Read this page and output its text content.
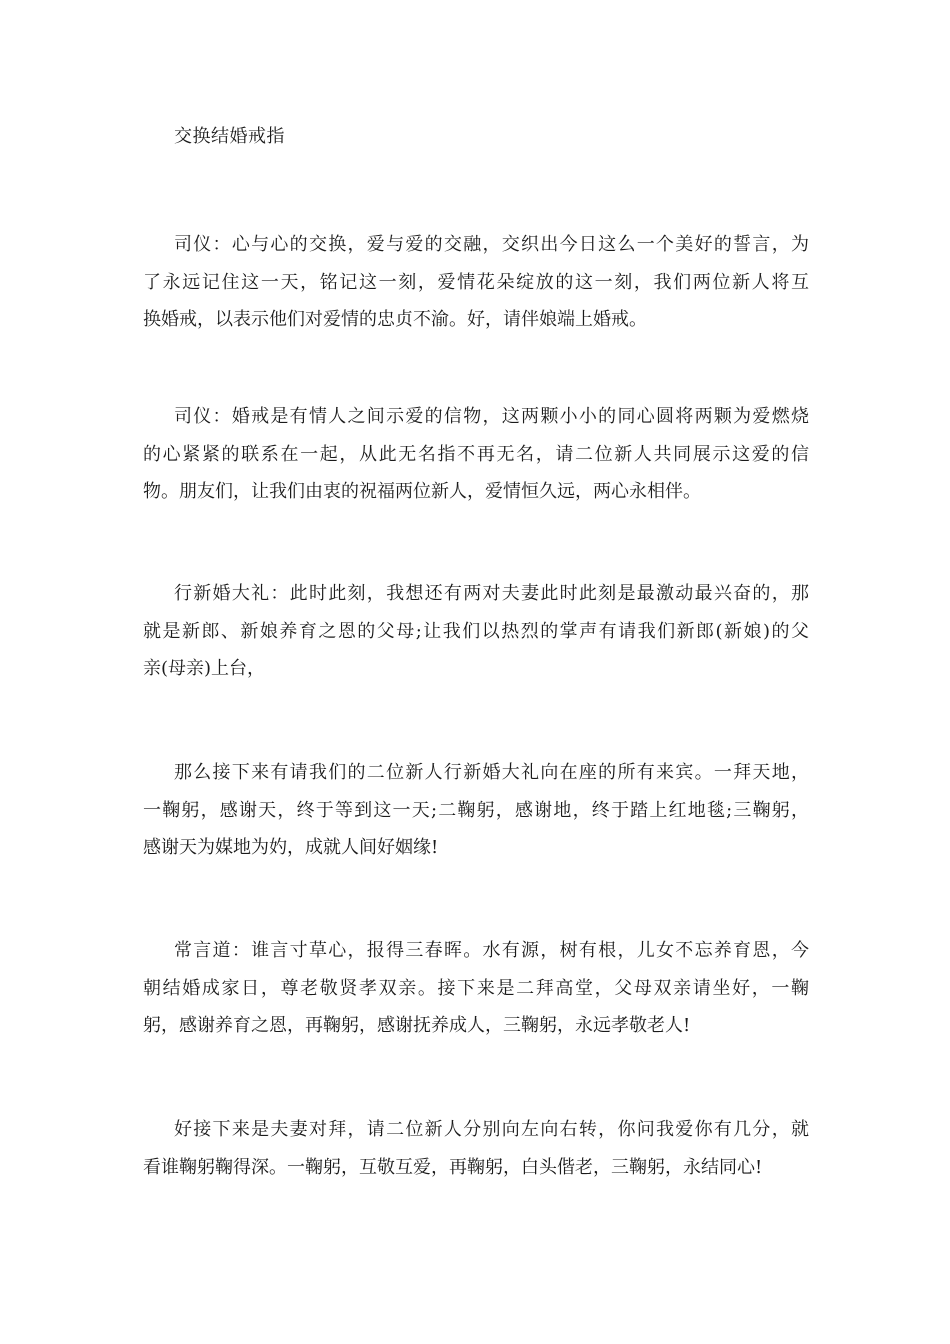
交换结婚戒指
司仪：心与心的交换，爱与爱的交融，交织出今日这么一个美好的誓言，为
了永远记住这一天，铭记这一刻，爱情花朵绽放的这一刻，我们两位新人将互
换婚戒，以表示他们对爱情的忠贞不渝。好，请伴娘端上婚戒。
司仪：婚戒是有情人之间示爱的信物，这两颗小小的同心圆将两颗为爱燃烧
的心紧紧的联系在一起，从此无名指不再无名，请二位新人共同展示这爱的信
物。朋友们，让我们由衷的祝福两位新人，爱情恒久远，两心永相伴。
行新婚大礼：此时此刻，我想还有两对夫妻此时此刻是最激动最兴奋的，那
就是新郎、新娘养育之恩的父母;让我们以热烈的掌声有请我们新郎(新娘)的父
亲(母亲)上台，
那么接下来有请我们的二位新人行新婚大礼向在座的所有来宾。一拜天地，
一鞠躬，感谢天，终于等到这一天;二鞠躬，感谢地，终于踏上红地毯;三鞠躬，
感谢天为媒地为妁，成就人间好姻缘!
常言道：谁言寸草心，报得三春晖。水有源，树有根，儿女不忘养育恩，今
朝结婚成家日，尊老敬贤孝双亲。接下来是二拜高堂，父母双亲请坐好，一鞠
躬，感谢养育之恩，再鞠躬，感谢抚养成人，三鞠躬，永远孝敬老人!
好接下来是夫妻对拜，请二位新人分别向左向右转，你问我爱你有几分，就
看谁鞠躬鞠得深。一鞠躬，互敬互爱，再鞠躬，白头偕老，三鞠躬，永结同心!
